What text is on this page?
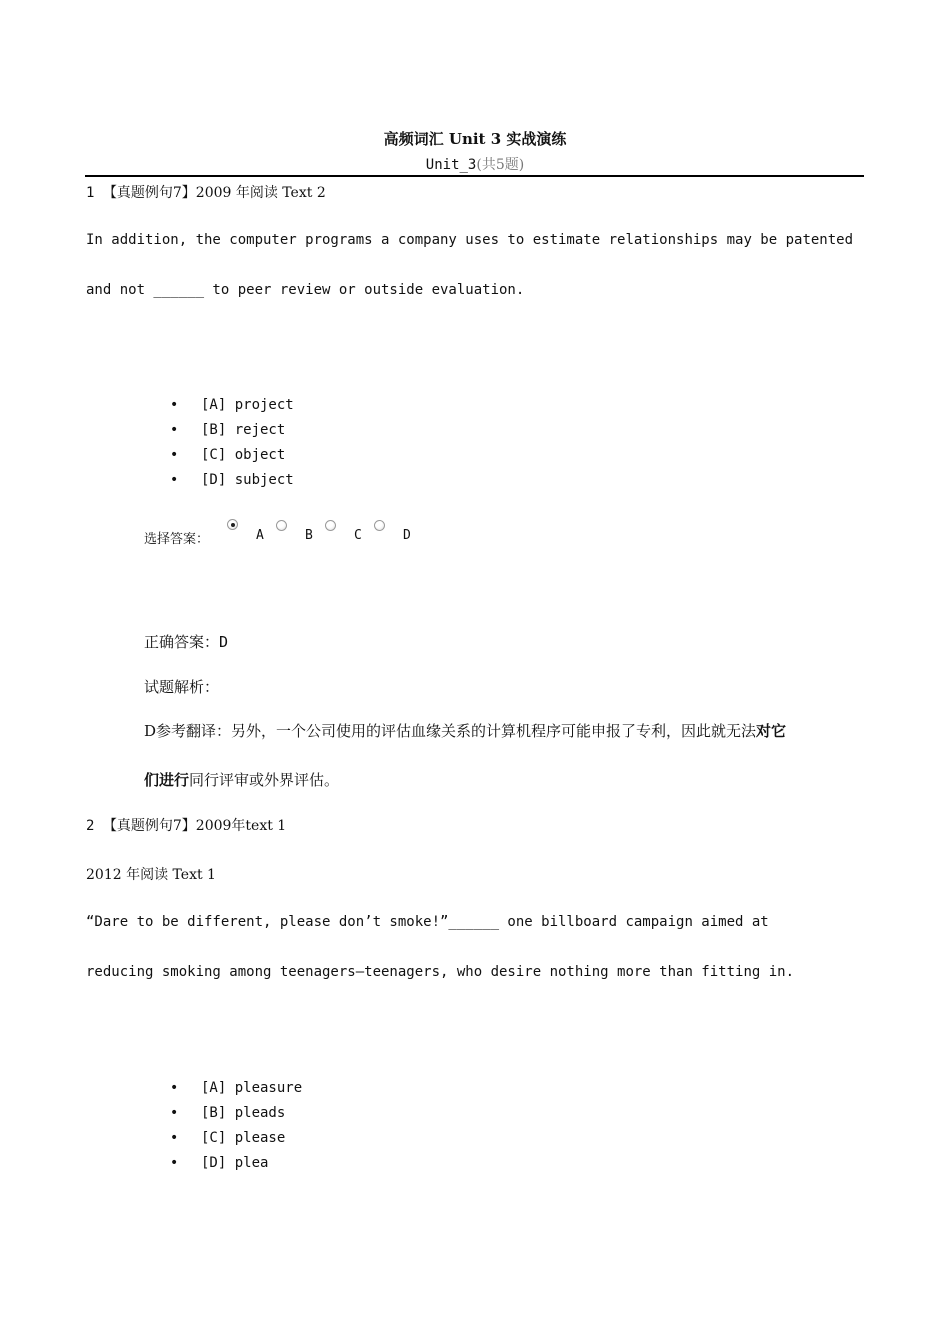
高频词汇 Unit 3 实战演练
Unit_3(共5题)
1 【真题例句7】2009 年阅读 Text 2
In addition, the computer programs a company uses to estimate relationships may be patented
and not ______ to peer review or outside evaluation.
•[A] project
•[B] reject
•[C] object
•[D] subject
选择答案：	A	B	C	D
正确答案：D
试题解析：
D参考翻译：另外，一个公司使用的评估血缘关系的计算机程序可能申报了专利，因此就无法对它
们进行同行评审或外界评估。
2 【真题例句7】2009年text 1
2012 年阅读 Text 1
“Dare to be different, please don’t smoke!”______ one billboard campaign aimed at
reducing smoking among teenagers—teenagers, who desire nothing more than fitting in.
•[A] pleasure
•[B] pleads
•[C] please
•[D] plea
